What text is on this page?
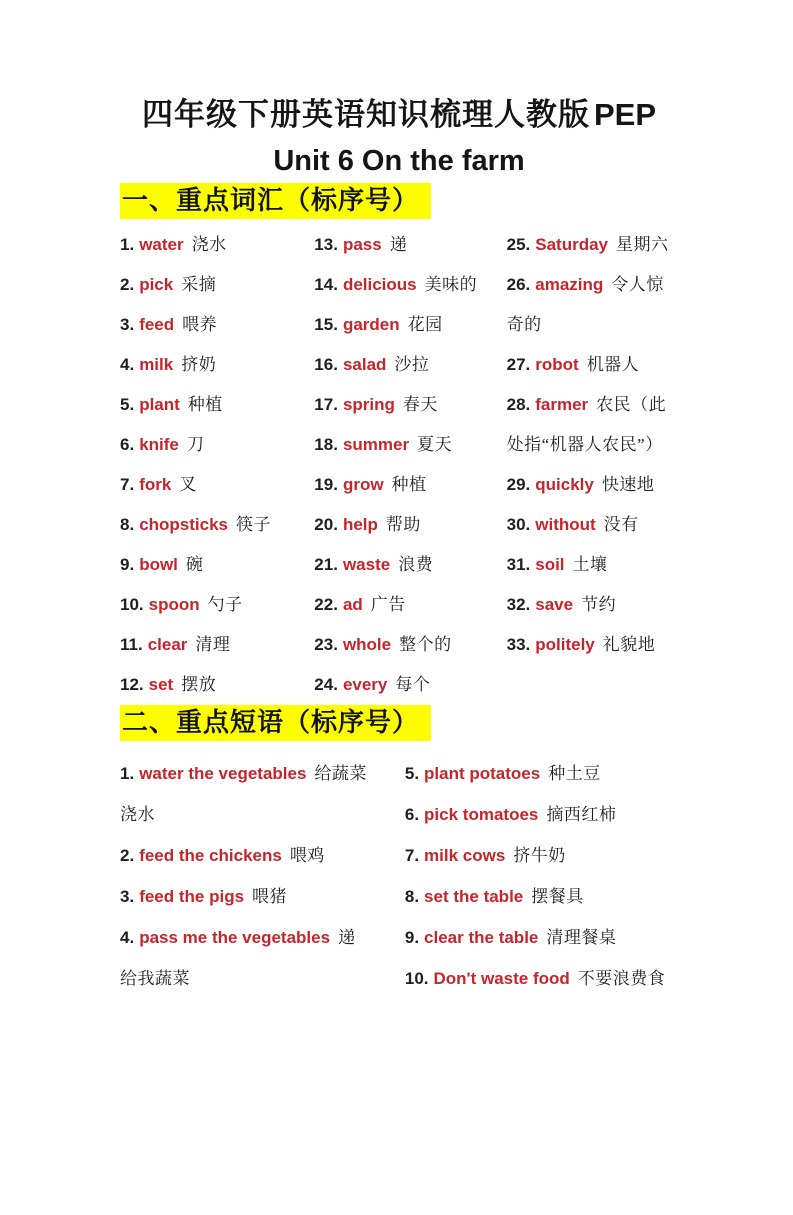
四年级下册英语知识梳理人教版 PEP
Unit 6 On the farm
一、重点词汇（标序号）

1. water 浇水

2. pick 采摘

3. feed 喂养

4. milk 挤奶

5. plant 种植

6. knife 刀

7. fork 叉

8. chopsticks 筷子

9. bowl 碗

10. spoon 勺子

11. clear 清理

12. set 摆放

13. pass 递

14. delicious 美味的

15. garden 花园

16. salad 沙拉

17. spring 春天

18. summer 夏天

19. grow 种植

20. help 帮助

21. waste 浪费

22. ad 广告

23. whole 整个的

24. every 每个

25. Saturday 星期六

26. amazing 令人惊奇的

27. robot 机器人

28. farmer 农民（此处指“机器人农民”）

29. quickly 快速地

30. without 没有

31. soil 土壤

32. save 节约

33. politely 礼貌地

二、重点短语（标序号）

1. water the vegetables 给蔬菜浇水

2. feed the chickens 喂鸡

3. feed the pigs 喂猪

4. pass me the vegetables 递给我蔬菜

5. plant potatoes 种土豆

6. pick tomatoes 摘西红柿

7. milk cows 挤牛奶

8. set the table 摆餐具

9. clear the table 清理餐桌

10. Don't waste food 不要浪费食
